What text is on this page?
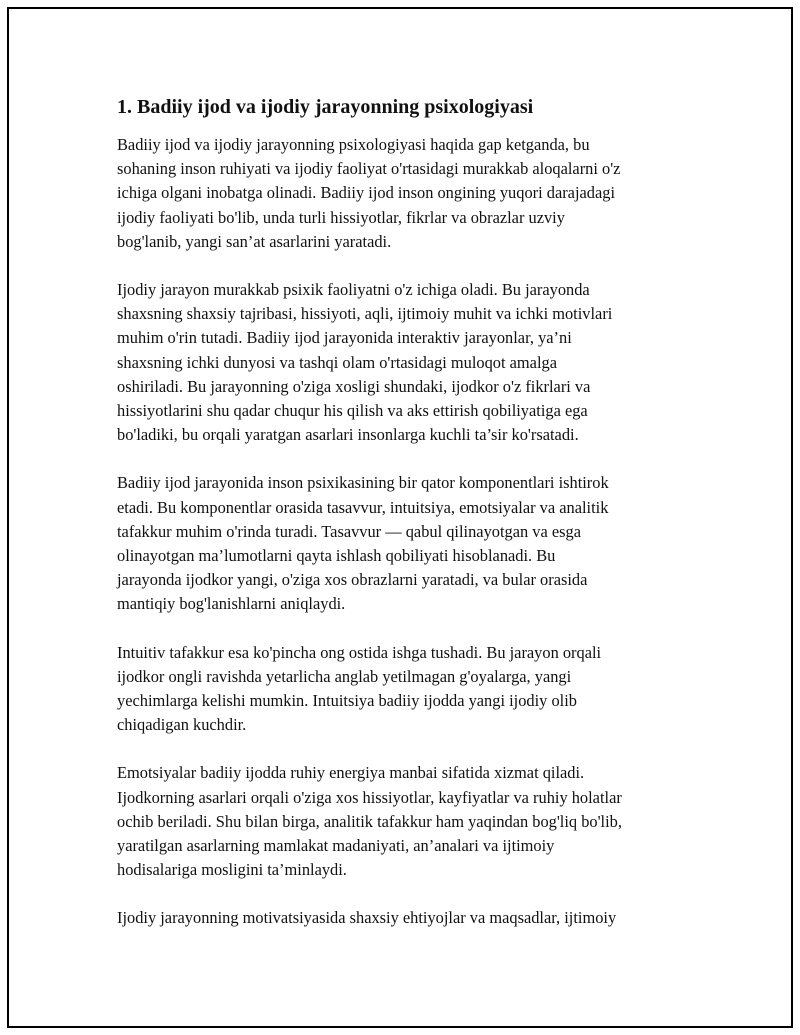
1. Badiiy ijod va ijodiy jarayonning psixologiyasi

Badiiy ijod va ijodiy jarayonning psixologiyasi haqida gap ketganda, bu
sohaning inson ruhiyati va ijodiy faoliyat o'rtasidagi murakkab aloqalarni o'z
ichiga olgani inobatga olinadi. Badiiy ijod inson ongining yuqori darajadagi
ijodiy faoliyati bo'lib, unda turli hissiyotlar, fikrlar va obrazlar uzviy
bog'lanib, yangi san’at asarlarini yaratadi.

Ijodiy jarayon murakkab psixik faoliyatni o'z ichiga oladi. Bu jarayonda
shaxsning shaxsiy tajribasi, hissiyoti, aqli, ijtimoiy muhit va ichki motivlari
muhim o'rin tutadi. Badiiy ijod jarayonida interaktiv jarayonlar, ya’ni
shaxsning ichki dunyosi va tashqi olam o'rtasidagi muloqot amalga
oshiriladi. Bu jarayonning o'ziga xosligi shundaki, ijodkor o'z fikrlari va
hissiyotlarini shu qadar chuqur his qilish va aks ettirish qobiliyatiga ega
bo'ladiki, bu orqali yaratgan asarlari insonlarga kuchli ta’sir ko'rsatadi.

Badiiy ijod jarayonida inson psixikasining bir qator komponentlari ishtirok
etadi. Bu komponentlar orasida tasavvur, intuitsiya, emotsiyalar va analitik
tafakkur muhim o'rinda turadi. Tasavvur — qabul qilinayotgan va esga
olinayotgan ma’lumotlarni qayta ishlash qobiliyati hisoblanadi. Bu
jarayonda ijodkor yangi, o'ziga xos obrazlarni yaratadi, va bular orasida
mantiqiy bog'lanishlarni aniqlaydi.

Intuitiv tafakkur esa ko'pincha ong ostida ishga tushadi. Bu jarayon orqali
ijodkor ongli ravishda yetarlicha anglab yetilmagan g'oyalarga, yangi
yechimlarga kelishi mumkin. Intuitsiya badiiy ijodda yangi ijodiy olib
chiqadigan kuchdir.

Emotsiyalar badiiy ijodda ruhiy energiya manbai sifatida xizmat qiladi.
Ijodkorning asarlari orqali o'ziga xos hissiyotlar, kayfiyatlar va ruhiy holatlar
ochib beriladi. Shu bilan birga, analitik tafakkur ham yaqindan bog'liq bo'lib,
yaratilgan asarlarning mamlakat madaniyati, an’analari va ijtimoiy
hodisalariga mosligini ta’minlaydi.

Ijodiy jarayonning motivatsiyasida shaxsiy ehtiyojlar va maqsadlar, ijtimoiy
